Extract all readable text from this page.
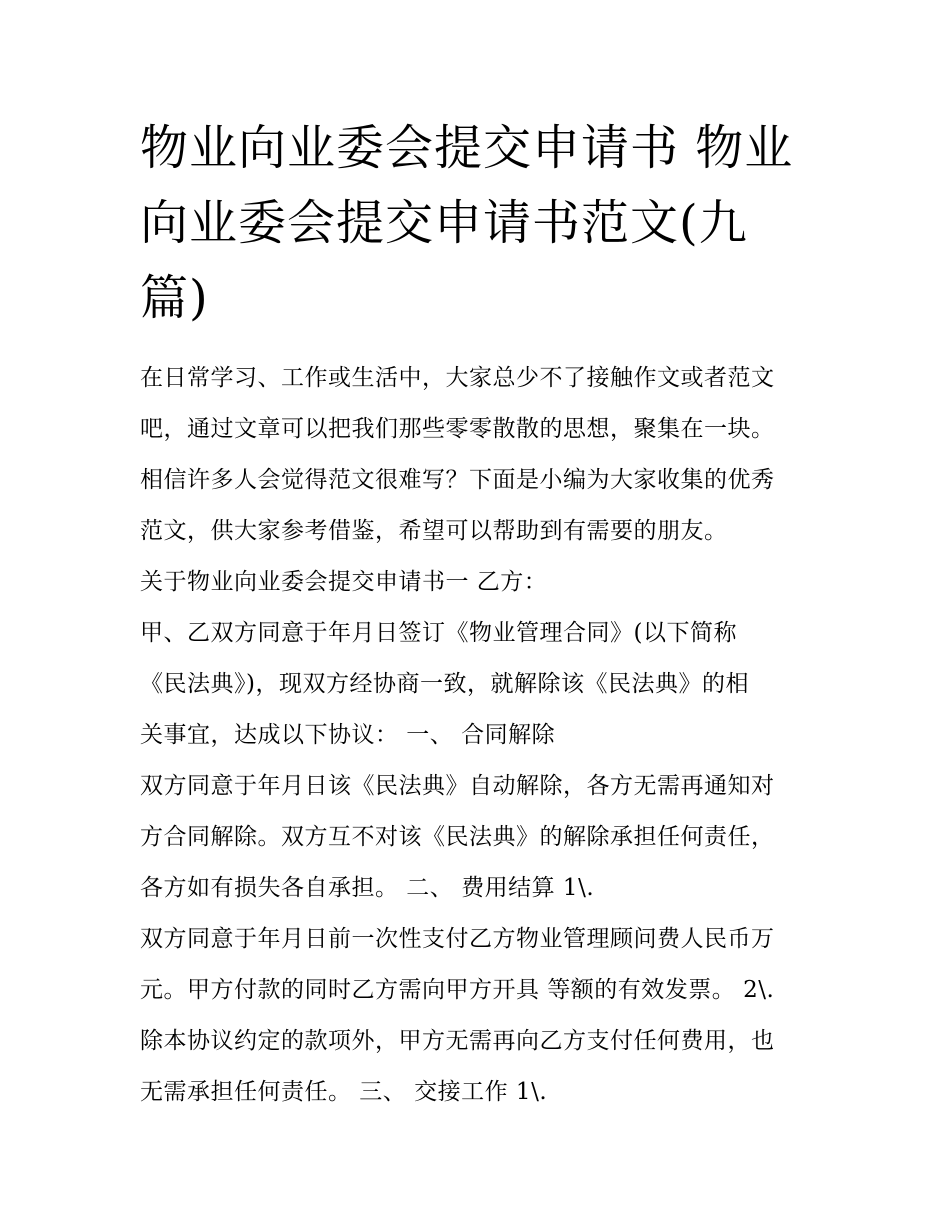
物业向业委会提交申请书 物业
向业委会提交申请书范文(九
篇)
在日常学习、工作或生活中，大家总少不了接触作文或者范文
吧，通过文章可以把我们那些零零散散的思想，聚集在一块。
相信许多人会觉得范文很难写？下面是小编为大家收集的优秀
范文，供大家参考借鉴，希望可以帮助到有需要的朋友。
关于物业向业委会提交申请书一 乙方：
甲、乙双方同意于年月日签订《物业管理合同》(以下简称
《民法典》)，现双方经协商一致，就解除该《民法典》的相
关事宜，达成以下协议： 一、 合同解除
双方同意于年月日该《民法典》自动解除，各方无需再通知对
方合同解除。双方互不对该《民法典》的解除承担任何责任，
各方如有损失各自承担。 二、 费用结算 1\.
双方同意于年月日前一次性支付乙方物业管理顾问费人民币万
元。甲方付款的同时乙方需向甲方开具 等额的有效发票。 2\.
除本协议约定的款项外，甲方无需再向乙方支付任何费用，也
无需承担任何责任。 三、 交接工作 1\.
